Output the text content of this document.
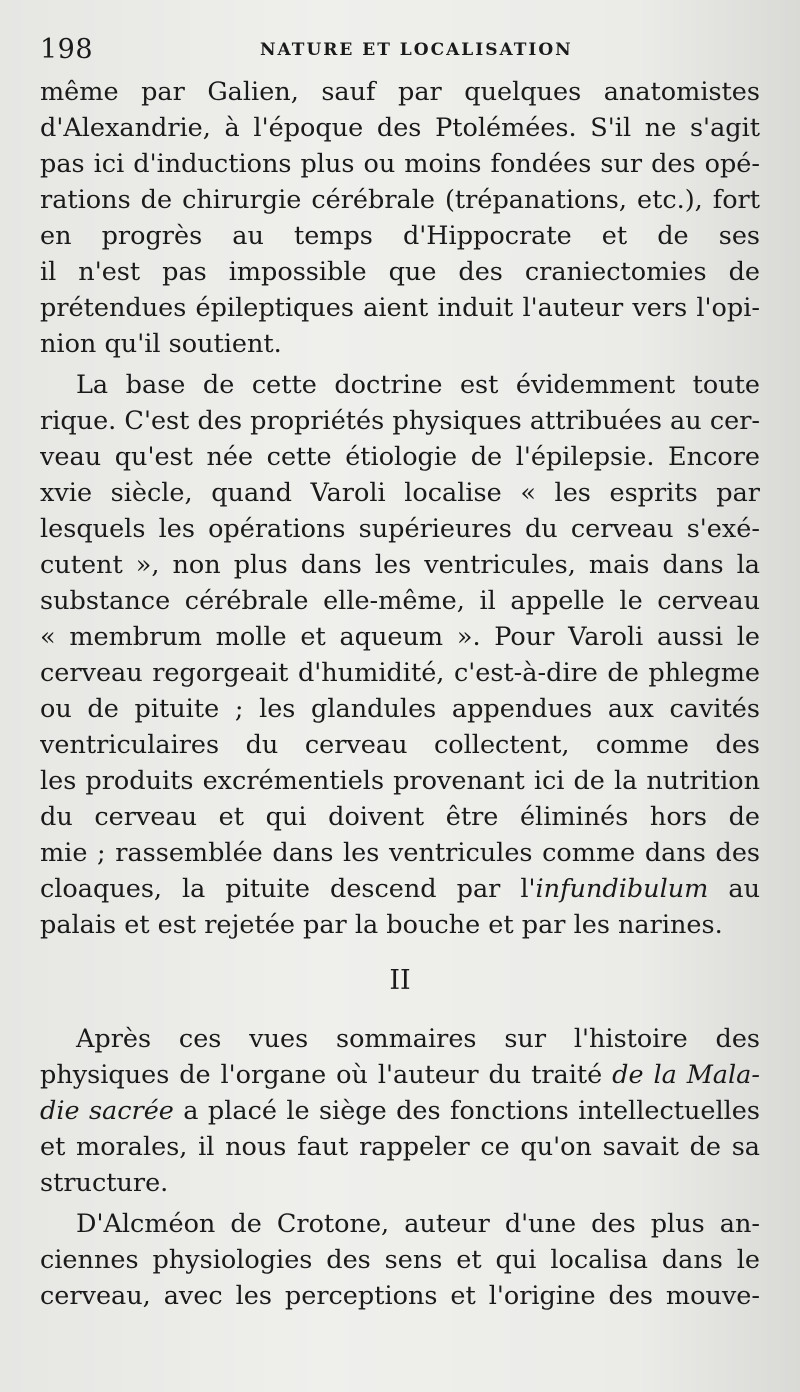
198	NATURE ET LOCALISATION
même par Galien, sauf par quelques anatomistes
d'Alexandrie, à l'époque des Ptolémées. S'il ne s'agit
pas ici d'inductions plus ou moins fondées sur des opé-
rations de chirurgie cérébrale (trépanations, etc.), fort
en progrès au temps d'Hippocrate et de ses
il n'est pas impossible que des craniectomies de
prétendues épileptiques aient induit l'auteur vers l'opi-
nion qu'il soutient.
La base de cette doctrine est évidemment toute
rique. C'est des propriétés physiques attribuées au cer-
veau qu'est née cette étiologie de l'épilepsie. Encore
xvie siècle, quand Varoli localise « les esprits par
lesquels les opérations supérieures du cerveau s'exé-
cutent », non plus dans les ventricules, mais dans la
substance cérébrale elle-même, il appelle le cerveau
« membrum molle et aqueum ». Pour Varoli aussi le
cerveau regorgeait d'humidité, c'est-à-dire de phlegme
ou de pituite ; les glandules appendues aux cavités
ventriculaires du cerveau collectent, comme des
les produits excrémentiels provenant ici de la nutrition
du cerveau et qui doivent être éliminés hors de
mie ; rassemblée dans les ventricules comme dans des
cloaques, la pituite descend par l'infundibulum au
palais et est rejetée par la bouche et par les narines.
II
Après ces vues sommaires sur l'histoire des
physiques de l'organe où l'auteur du traité de la Mala-
die sacrée a placé le siège des fonctions intellectuelles
et morales, il nous faut rappeler ce qu'on savait de sa
structure.
D'Alcméon de Crotone, auteur d'une des plus an-
ciennes physiologies des sens et qui localisa dans le
cerveau, avec les perceptions et l'origine des mouve-
